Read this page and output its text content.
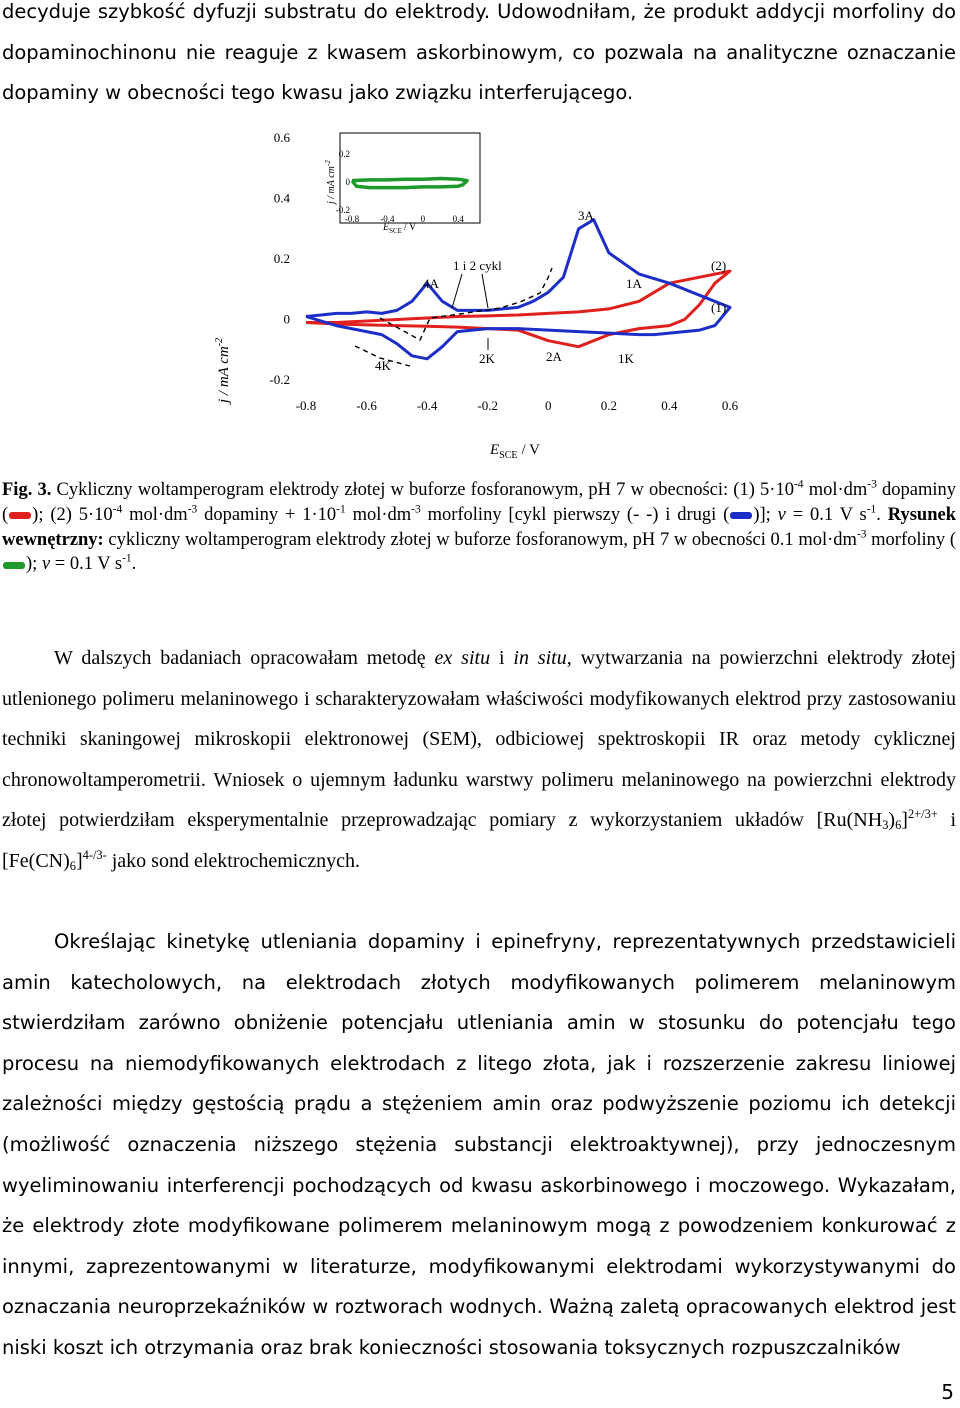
decyduje szybkość dyfuzji substratu do elektrody. Udowodniłam, że produkt addycji morfoliny do dopaminochinonu nie reaguje z kwasem askorbinowym, co pozwala na analityczne oznaczanie dopaminy w obecności tego kwasu jako związku interferującego.

j / mA $cm^{-2}$
$E_{SCE}$ / V
-0.8	-0.6	-0.4	-0.2	0	0.2	0.4	0.6
0.6
0.4
0.2
0
-0.2
-0.8 -0.4	0	0.4
0.2
0
-0.2
j / mA $cm^{-2}$
$E_{SCE}$ / V
3A
4A	1A
1 i 2 cykl
4K	2K	2A	1K
(2)
(1)
Fig. 3. Cykliczny woltamperogram elektrody złotej w buforze fosforanowym, pH 7 w obecności: (1) $5\cdot 10^{-4}$ $mol\cdot dm^{-3}$ dopaminy ( ); (2) $5\cdot 10^{-4}$ $mol\cdot dm^{-3}$ dopaminy + $1\cdot 10^{-1}$ $mol\cdot dm^{-3}$ morfoliny [cykl pierwszy (- -) i drugi ( )]; v = 0.1 V $s^{-1}$. Rysunek wewnętrzny: cykliczny woltamperogram elektrody złotej w buforze fosforanowym, pH 7 w obecności 0.1 $mol\cdot dm^{-3}$ morfoliny (); v = 0.1 V $s^{-1}$.

W dalszych badaniach opracowałam metodę ex situ i in situ, wytwarzania na powierzchni elektrody złotej utlenionego polimeru melaninowego i scharakteryzowałam właściwości modyfikowanych elektrod przy zastosowaniu techniki skaningowej mikroskopii elektronowej (SEM), odbiciowej spektroskopii IR oraz metody cyklicznej chronowoltamperometrii. Wniosek o ujemnym ładunku warstwy polimeru melaninowego na powierzchni elektrody złotej potwierdziłam eksperymentalnie przeprowadzając pomiary z wykorzystaniem układów $[Ru(NH_3)_6]^{2+/3+}$ i $[Fe(CN)_6]^{4-/3-}$ jako sond elektrochemicznych.

Określając kinetykę utleniania dopaminy i epinefryny, reprezentatywnych przedstawicieli amin katecholowych, na elektrodach złotych modyfikowanych polimerem melaninowym stwierdziłam zarówno obniżenie potencjału utleniania amin w stosunku do potencjału tego procesu na niemodyfikowanych elektrodach z litego złota, jak i rozszerzenie zakresu liniowej zależności między gęstością prądu a stężeniem amin oraz podwyższenie poziomu ich detekcji (możliwość oznaczenia niższego stężenia substancji elektroaktywnej), przy jednoczesnym wyeliminowaniu interferencji pochodzących od kwasu askorbinowego i moczowego. Wykazałam, że elektrody złote modyfikowane polimerem melaninowym mogą z powodzeniem konkurować z innymi, zaprezentowanymi w literaturze, modyfikowanymi elektrodami wykorzystywanymi do oznaczania neuroprzekaźników w roztworach wodnych. Ważną zaletą opracowanych elektrod jest niski koszt ich otrzymania oraz brak konieczności stosowania toksycznych rozpuszczalników

5
